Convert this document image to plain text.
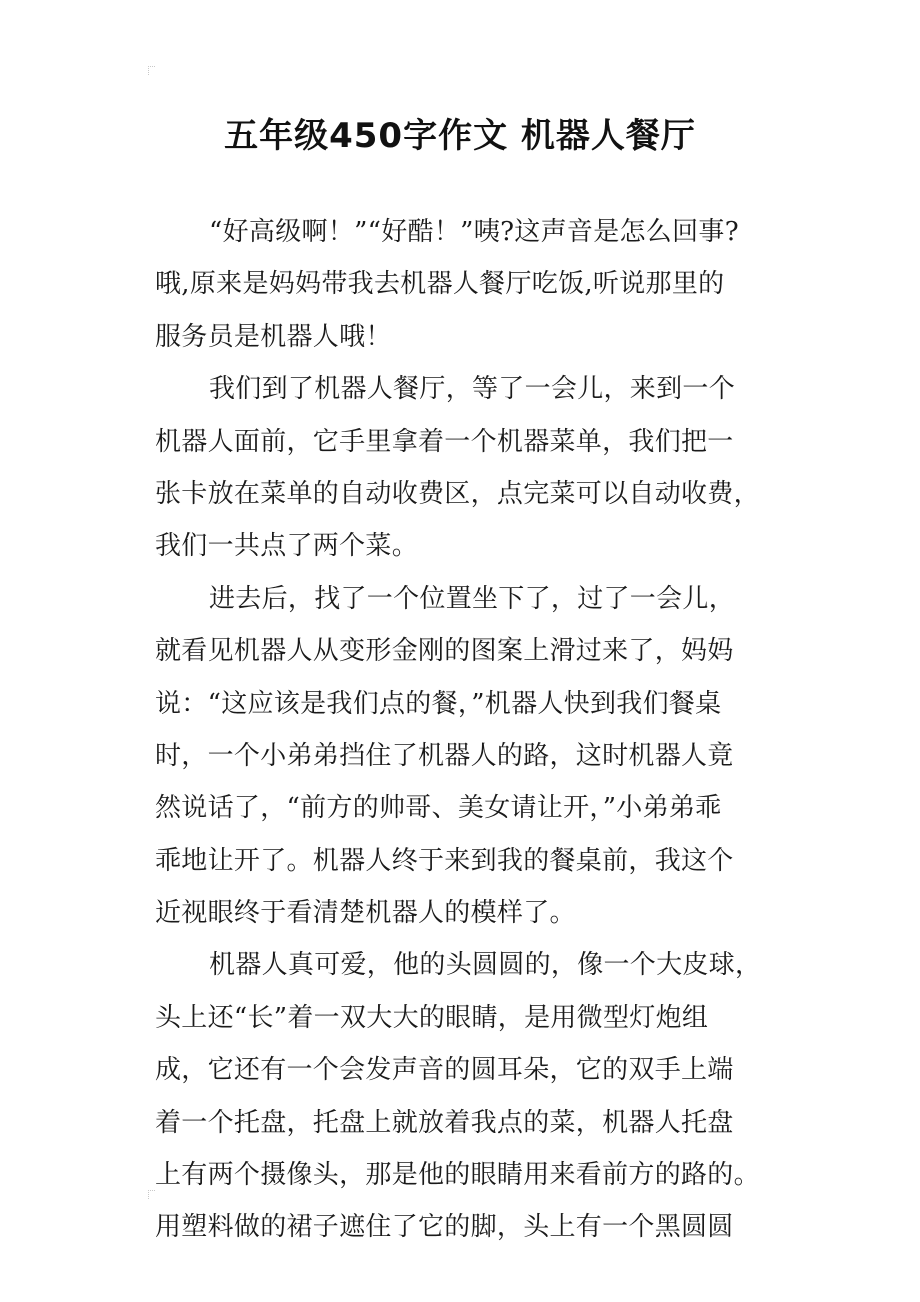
五年级450字作文 机器人餐厅
“好高级啊！”“好酷！”咦?这声音是怎么回事?
哦,原来是妈妈带我去机器人餐厅吃饭,听说那里的
服务员是机器人哦！
我们到了机器人餐厅，等了一会儿，来到一个
机器人面前，它手里拿着一个机器菜单，我们把一
张卡放在菜单的自动收费区，点完菜可以自动收费，
我们一共点了两个菜。
进去后，找了一个位置坐下了，过了一会儿，
就看见机器人从变形金刚的图案上滑过来了，妈妈
说：“这应该是我们点的餐，”机器人快到我们餐桌
时，一个小弟弟挡住了机器人的路，这时机器人竟
然说话了，“前方的帅哥、美女请让开，”小弟弟乖
乖地让开了。机器人终于来到我的餐桌前，我这个
近视眼终于看清楚机器人的模样了。
机器人真可爱，他的头圆圆的，像一个大皮球，
头上还“长”着一双大大的眼睛，是用微型灯炮组
成，它还有一个会发声音的圆耳朵，它的双手上端
着一个托盘，托盘上就放着我点的菜，机器人托盘
上有两个摄像头，那是他的眼睛用来看前方的路的。
用塑料做的裙子遮住了它的脚，头上有一个黑圆圆
